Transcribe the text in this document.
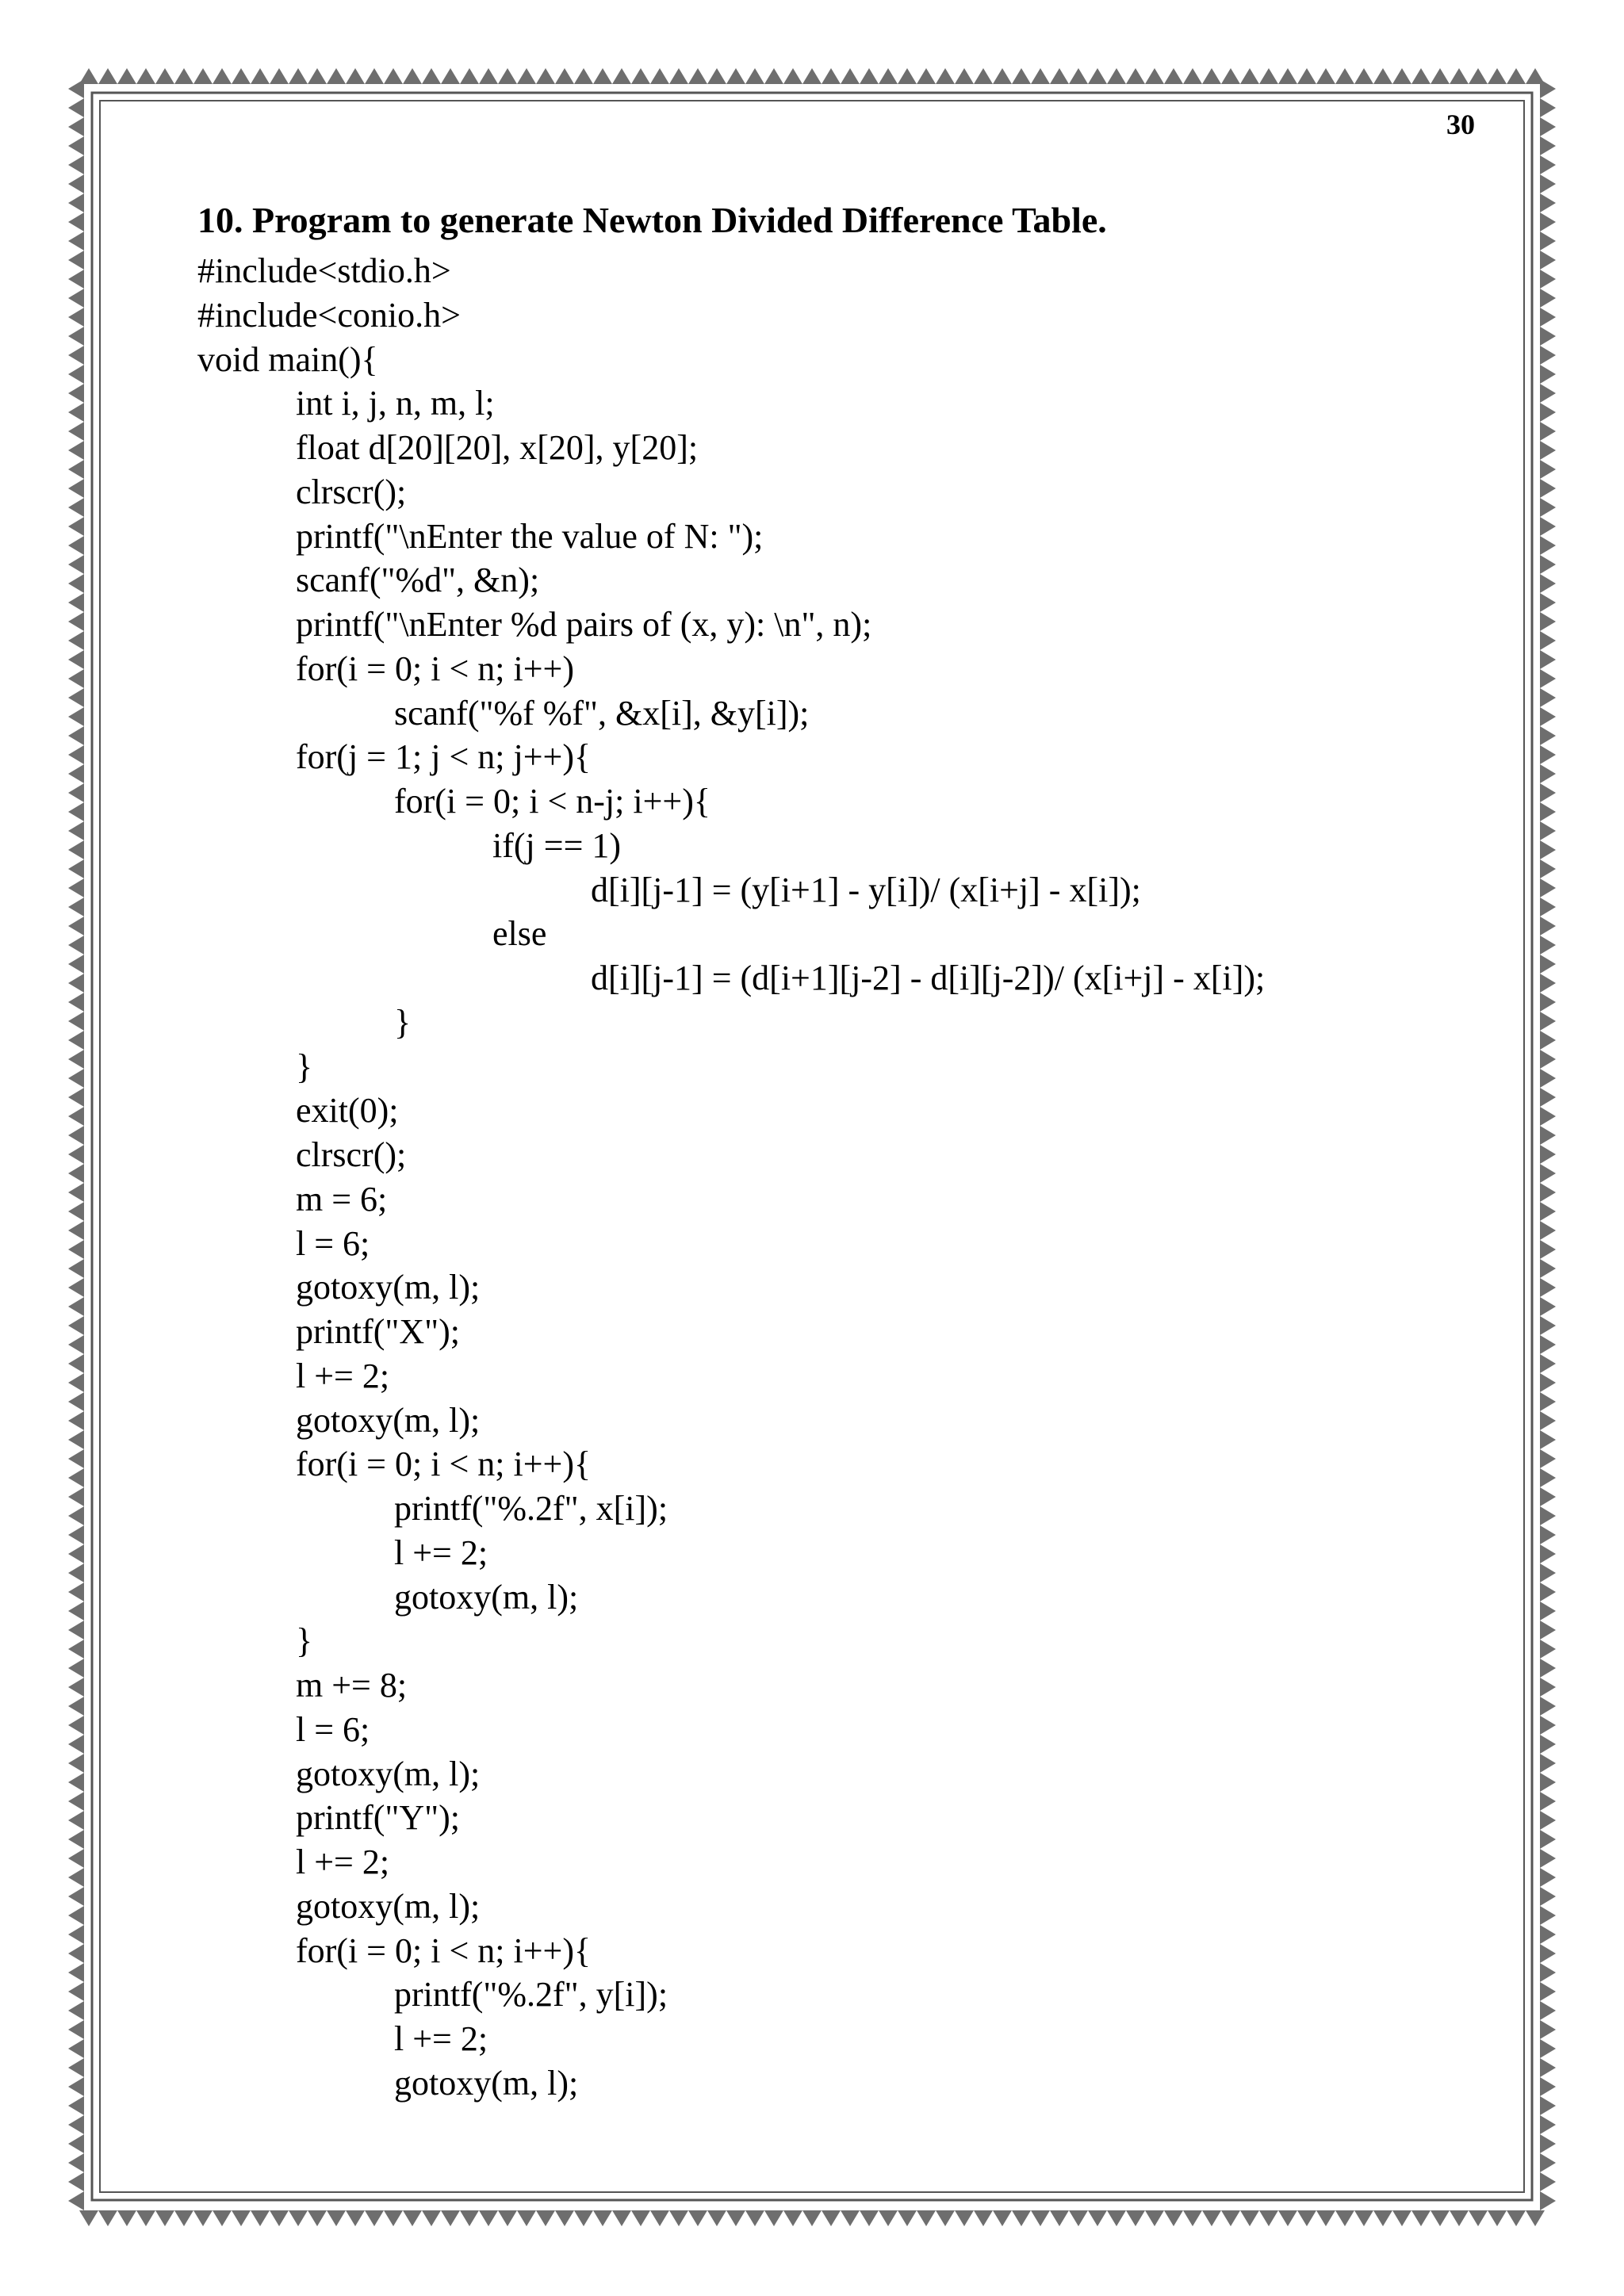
30
10. Program to generate Newton Divided Difference Table.
#include<stdio.h>
#include<conio.h>
void main(){
int i, j, n, m, l;
float d[20][20], x[20], y[20];
clrscr();
printf("\nEnter the value of N: ");
scanf("%d", &n);
printf("\nEnter %d pairs of (x, y): \n", n);
for(i = 0; i < n; i++)
scanf("%f %f", &x[i], &y[i]);
for(j = 1; j < n; j++){
for(i = 0; i < n-j; i++){
if(j == 1)
d[i][j-1] = (y[i+1] - y[i])/ (x[i+j] - x[i]);
else
d[i][j-1] = (d[i+1][j-2] - d[i][j-2])/ (x[i+j] - x[i]);
}
}
exit(0);
clrscr();
m = 6;
l = 6;
gotoxy(m, l);
printf("X");
l += 2;
gotoxy(m, l);
for(i = 0; i < n; i++){
printf("%.2f", x[i]);
l += 2;
gotoxy(m, l);
}
m += 8;
l = 6;
gotoxy(m, l);
printf("Y");
l += 2;
gotoxy(m, l);
for(i = 0; i < n; i++){
printf("%.2f", y[i]);
l += 2;
gotoxy(m, l);
